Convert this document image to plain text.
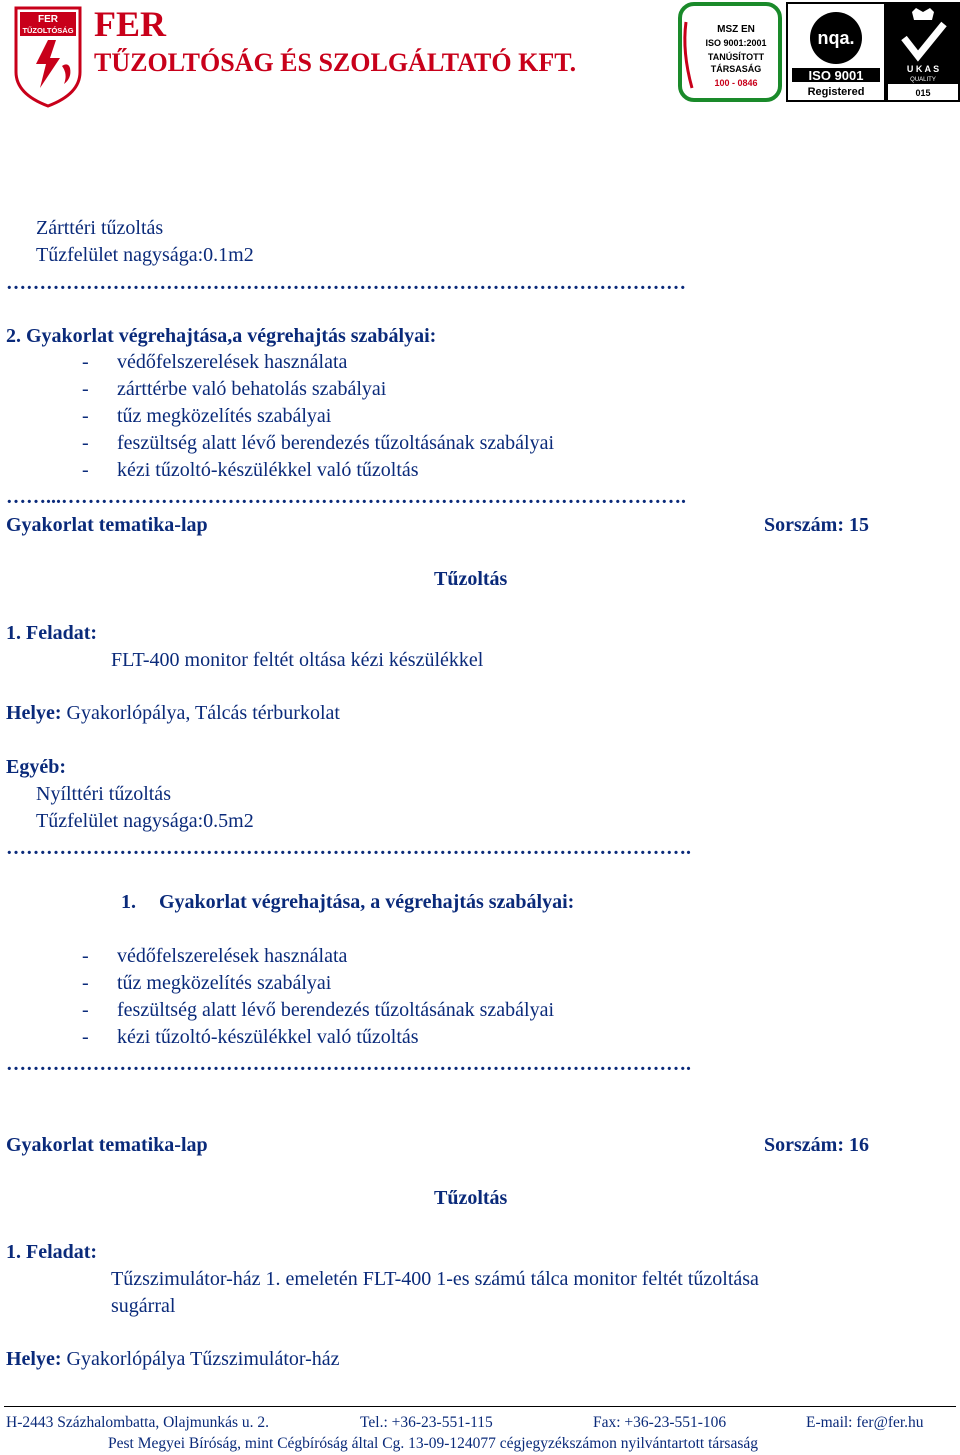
FER
TŰZOLTÓSÁG FER
TŰZOLTÓSÁG ÉS SZOLGÁLTATÓ KFT.
MSZ EN
ISO 9001:2001
TANÚSÍTOTT
TÁRSASÁG
100 - 0846
nqa.
ISO 9001
Registered
U K A S
QUALITY
015
Zárttéri tűzoltás
Tűzfelület nagysága:0.1m2
…………………………………………………………………………………………
2. Gyakorlat végrehajtása,a végrehajtás szabályai:
- védőfelszerelések használata
- zárttérbe való behatolás szabályai
- tűz megközelítés szabályai
- feszültség alatt lévő berendezés tűzoltásának szabályai
- kézi tűzoltó-készülékkel való tűzoltás
……...………………………………………………………………………………….
Gyakorlat tematika-lap	Sorszám: 15
Tűzoltás
1. Feladat:
FLT-400 monitor feltét oltása kézi készülékkel
Helye: Gyakorlópálya, Tálcás térburkolat
Egyéb:
Nyílttéri tűzoltás
Tűzfelület nagysága:0.5m2
………………………………………………………………………………………….
1. Gyakorlat végrehajtása, a végrehajtás szabályai:
- védőfelszerelések használata
- tűz megközelítés szabályai
- feszültség alatt lévő berendezés tűzoltásának szabályai
- kézi tűzoltó-készülékkel való tűzoltás
………………………………………………………………………………………….
Gyakorlat tematika-lap	Sorszám: 16
Tűzoltás
1. Feladat:
Tűzszimulátor-ház 1. emeletén FLT-400 1-es számú tálca monitor feltét tűzoltása
sugárral
Helye: Gyakorlópálya Tűzszimulátor-ház
H-2443 Százhalombatta, Olajmunkás u. 2.	Tel.: +36-23-551-115	Fax: +36-23-551-106	E-mail: fer@fer.hu
Pest Megyei Bíróság, mint Cégbíróság által Cg. 13-09-124077 cégjegyzékszámon nyilvántartott társaság
